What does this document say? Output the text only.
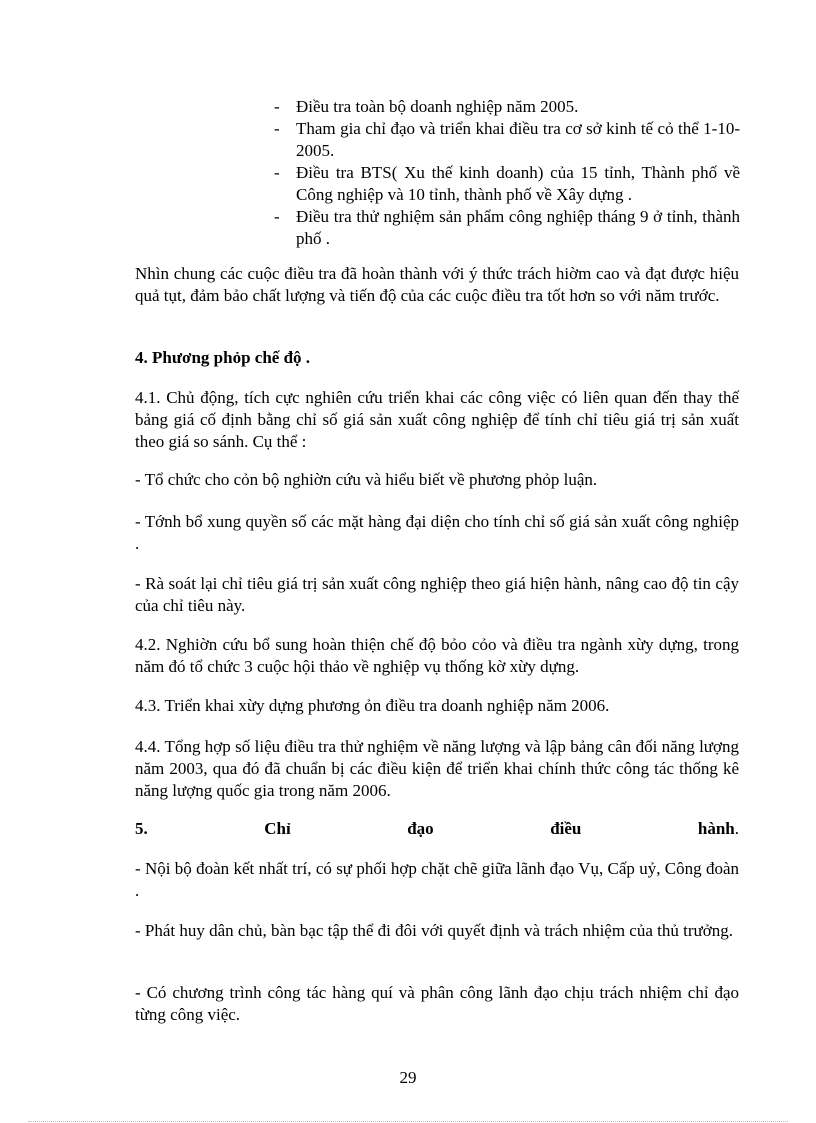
- Điều tra toàn bộ doanh nghiệp năm 2005.
- Tham gia chỉ đạo và triển khai điều tra cơ sở kinh tế cỏ thể 1-10-2005.
- Điều tra BTS( Xu thế kinh doanh) của 15 tỉnh, Thành phố về Công nghiệp và 10 tỉnh, thành phố về Xây dựng .
- Điều tra thử nghiệm sản phẩm công nghiệp tháng 9 ở tỉnh, thành phố .

Nhìn chung các cuộc điều tra đã hoàn thành với ý thức trách hiờm cao và đạt được hiệu quả tụt, đảm bảo chất lượng và tiến độ của các cuộc điều tra tốt hơn so với năm trước.

4. Phương phỏp chế độ .

4.1. Chủ động, tích cực nghiên cứu triển khai các công việc có liên quan đến thay thế bảng giá cố định bằng chỉ số giá sản xuất công nghiệp để tính chỉ tiêu giá trị sản xuất theo giá so sánh. Cụ thể :

- Tổ chức cho cỏn bộ nghiờn cứu và hiểu biết về phương phỏp luận.

- Tớnh bổ xung quyền số các mặt hàng đại diện cho tính chỉ số giá sản xuất công nghiệp .

- Rà soát lại chỉ tiêu giá trị sản xuất công nghiệp theo giá hiện hành, nâng cao độ tin cậy của chỉ tiêu này.

4.2. Nghiờn cứu bổ sung hoàn thiện chế độ bỏo cỏo và điều tra ngành xừy dựng, trong năm đó tổ chức 3 cuộc hội thảo về nghiệp vụ thống kờ xừy dựng.

4.3. Triển khai xừy dựng phương ỏn điều tra doanh nghiệp năm 2006.

4.4. Tổng hợp số liệu điều tra thử nghiệm về năng lượng và lập bảng cân đối năng lượng năm 2003, qua đó đã chuẩn bị các điều kiện để triển khai chính thức công tác thống kê năng lượng quốc gia trong năm 2006.

5.	Chỉ	đạo	điều	hành.

- Nội bộ đoàn kết nhất trí, có sự phối hợp chặt chẽ giữa lãnh đạo Vụ, Cấp uỷ, Công đoàn .

- Phát huy dân chủ, bàn bạc tập thể đi đôi với quyết định và trách nhiệm của thủ trưởng.

- Có chương trình công tác hàng quí và phân công lãnh đạo chịu trách nhiệm chỉ đạo từng công việc.

29
